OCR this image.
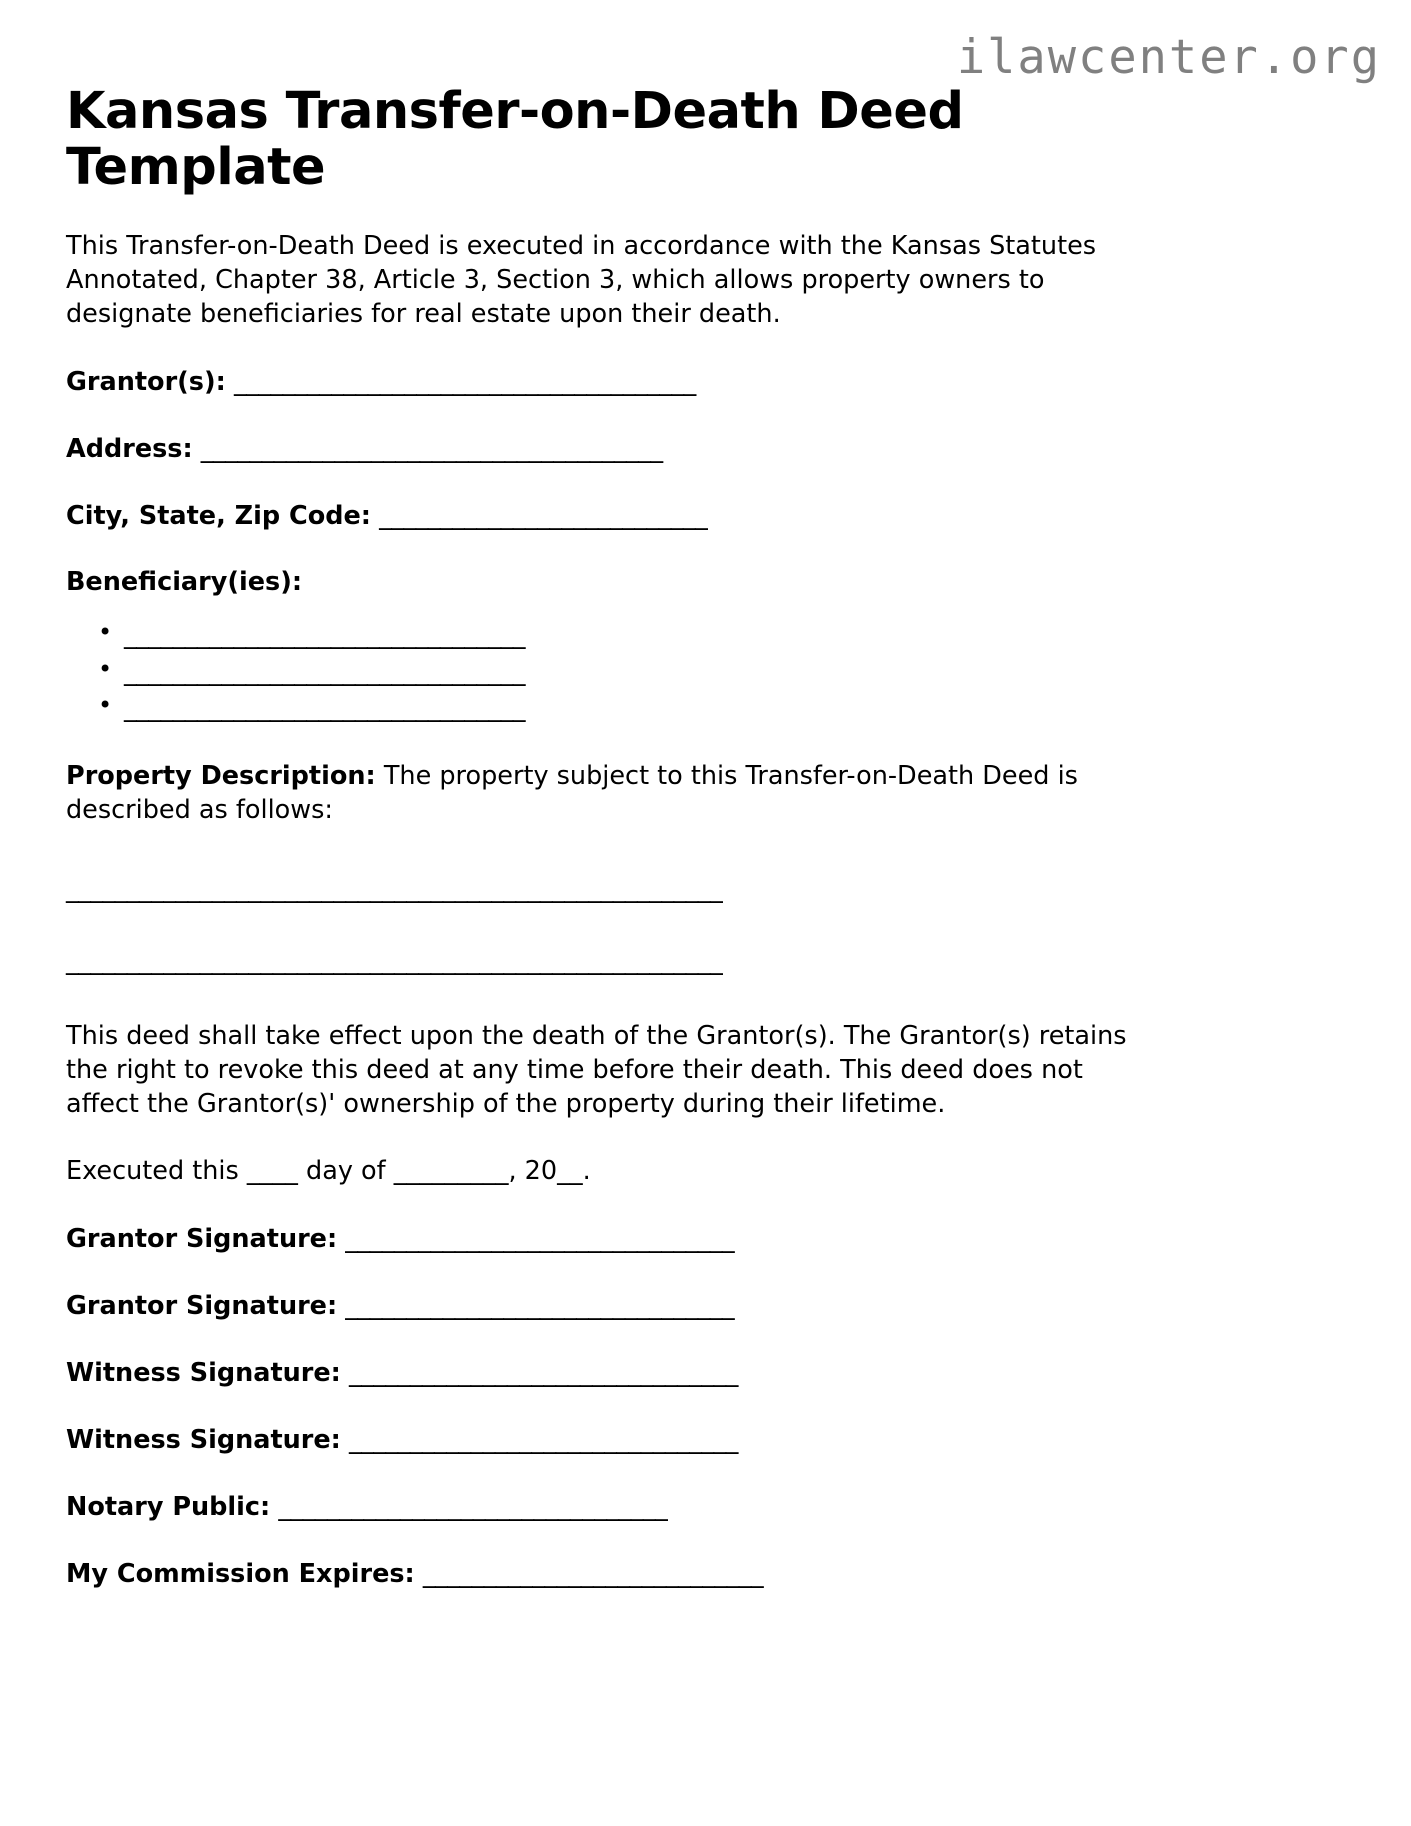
ilawcenter.org
Kansas Transfer-on-Death Deed Template

This Transfer-on-Death Deed is executed in accordance with the Kansas Statutes Annotated, Chapter 38, Article 3, Section 3, which allows property owners to designate beneficiaries for real estate upon their death.

Grantor(s): ______________________________________
Address: ______________________________________
City, State, Zip Code: ___________________________
Beneficiary(ies):
• _________________________________
• _________________________________
• _________________________________

Property Description: The property subject to this Transfer-on-Death Deed is described as follows:

______________________________________________________
______________________________________________________

This deed shall take effect upon the death of the Grantor(s). The Grantor(s) retains the right to revoke this deed at any time before their death. This deed does not affect the Grantor(s)' ownership of the property during their lifetime.

Executed this ____ day of _________, 20__.

Grantor Signature: ________________________________
Grantor Signature: ________________________________
Witness Signature: ________________________________
Witness Signature: ________________________________
Notary Public: ________________________________
My Commission Expires: ____________________________
